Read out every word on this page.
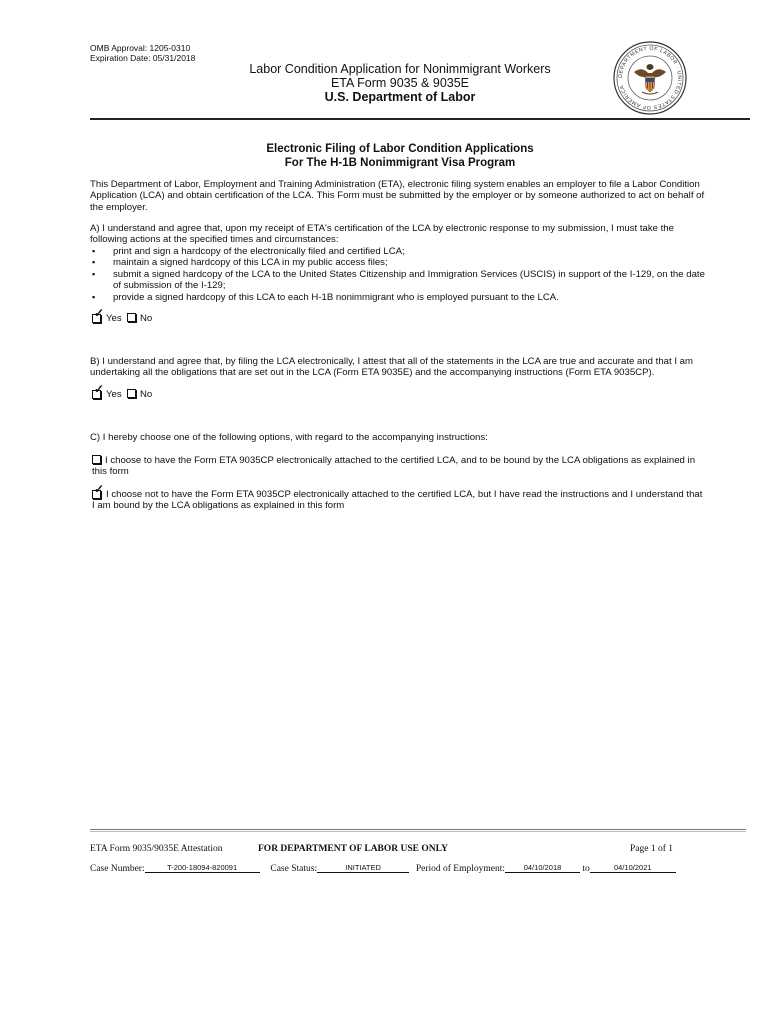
OMB Approval: 1205-0310
Expiration Date: 05/31/2018
Labor Condition Application for Nonimmigrant Workers
ETA Form 9035 & 9035E
U.S. Department of Labor
DEPARTMENT OF LABOR · UNITED STATES OF AMERICA
Electronic Filing of Labor Condition Applications
For The H-1B Nonimmigrant Visa Program
This Department of Labor, Employment and Training Administration (ETA), electronic filing system enables an employer to file a Labor Condition Application (LCA) and obtain certification of the LCA. This Form must be submitted by the employer or by someone authorized to act on behalf of the employer.
A) I understand and agree that, upon my receipt of ETA's certification of the LCA by electronic response to my submission, I must take the following actions at the specified times and circumstances:
▪ print and sign a hardcopy of the electronically filed and certified LCA;
▪ maintain a signed hardcopy of this LCA in my public access files;
▪ submit a signed hardcopy of the LCA to the United States Citizenship and Immigration Services (USCIS) in support of the I-129, on the date of submission of the I-129;
▪ provide a signed hardcopy of this LCA to each H-1B nonimmigrant who is employed pursuant to the LCA.
✓ Yes No
B) I understand and agree that, by filing the LCA electronically, I attest that all of the statements in the LCA are true and accurate and that I am undertaking all the obligations that are set out in the LCA (Form ETA 9035E) and the accompanying instructions (Form ETA 9035CP).
✓ Yes No
C) I hereby choose one of the following options, with regard to the accompanying instructions:
I choose to have the Form ETA 9035CP electronically attached to the certified LCA, and to be bound by the LCA obligations as explained in this form
✓ I choose not to have the Form ETA 9035CP electronically attached to the certified LCA, but I have read the instructions and I understand that I am bound by the LCA obligations as explained in this form
ETA Form 9035/9035E Attestation	FOR DEPARTMENT OF LABOR USE ONLY	Page 1 of 1
Case Number:	T-200-18094-820091	Case Status:	INITIATED	Period of Employment: 04/10/2018 to	04/10/2021
